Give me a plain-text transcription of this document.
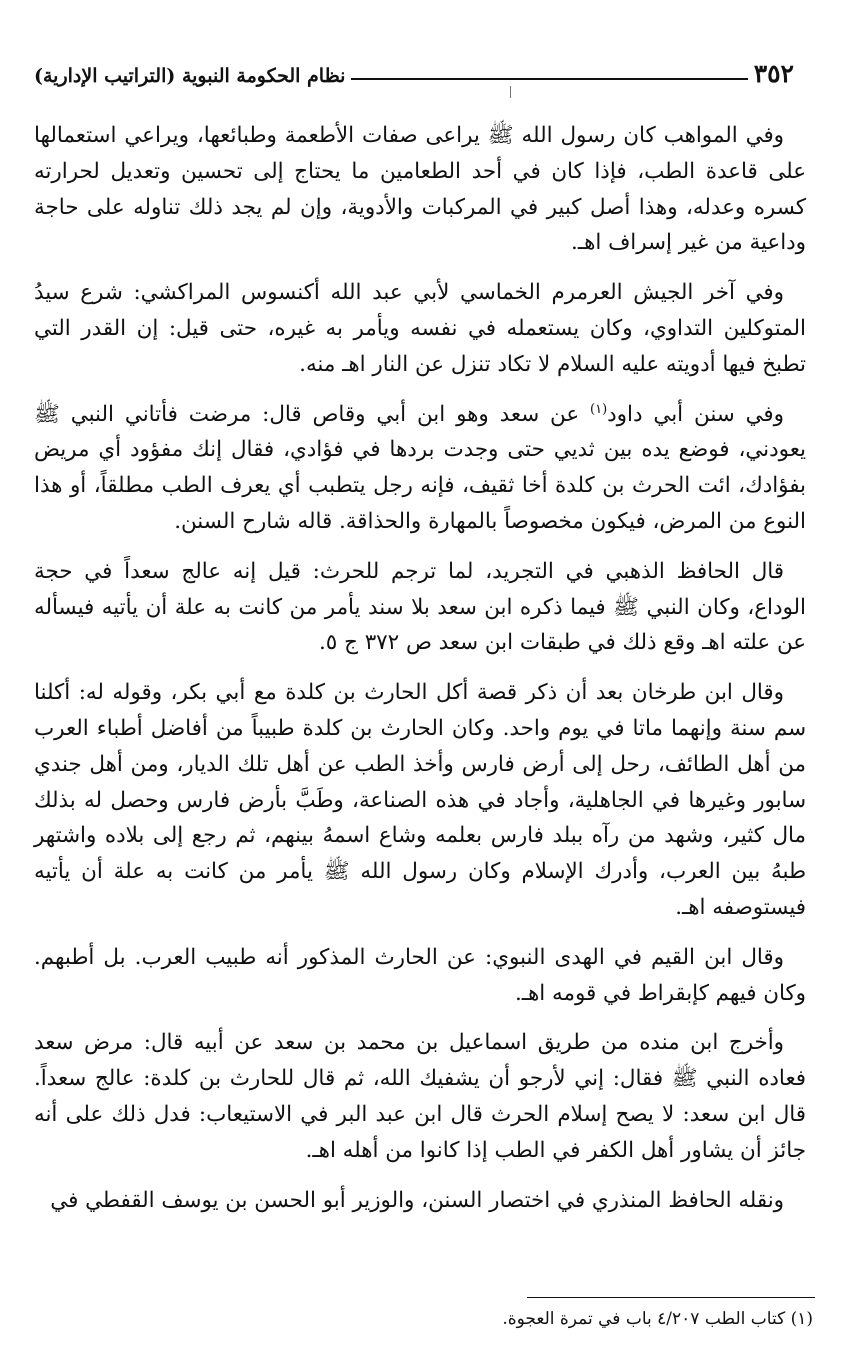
٣٥٢
نظام الحكومة النبوية (التراتيب الإدارية)

وفي المواهب كان رسول الله ﷺ يراعى صفات الأطعمة وطبائعها، ويراعي استعمالها على قاعدة الطب، فإذا كان في أحد الطعامين ما يحتاج إلى تحسين وتعديل لحرارته كسره وعدله، وهذا أصل كبير في المركبات والأدوية، وإن لم يجد ذلك تناوله على حاجة وداعية من غير إسراف اهـ.

وفي آخر الجيش العرمرم الخماسي لأبي عبد الله أكنسوس المراكشي: شرع سيدُ المتوكلين التداوي، وكان يستعمله في نفسه ويأمر به غيره، حتى قيل: إن القدر التي تطبخ فيها أدويته عليه السلام لا تكاد تنزل عن النار اهـ منه.

وفي سنن أبي داود$^{(١)}$ عن سعد وهو ابن أبي وقاص قال: مرضت فأتاني النبي ﷺ يعودني، فوضع يده بين ثديي حتى وجدت بردها في فؤادي، فقال إنك مفؤود أي مريض بفؤادك، ائت الحرث بن كلدة أخا ثقيف، فإنه رجل يتطبب أي يعرف الطب مطلقاً، أو هذا النوع من المرض، فيكون مخصوصاً بالمهارة والحذاقة. قاله شارح السنن.

قال الحافظ الذهبي في التجريد، لما ترجم للحرث: قيل إنه عالج سعداً في حجة الوداع، وكان النبي ﷺ فيما ذكره ابن سعد بلا سند يأمر من كانت به علة أن يأتيه فيسأله عن علته اهـ وقع ذلك في طبقات ابن سعد ص ٣٧٢ ج ٥.

وقال ابن طرخان بعد أن ذكر قصة أكل الحارث بن كلدة مع أبي بكر، وقوله له: أكلنا سم سنة وإنهما ماتا في يوم واحد. وكان الحارث بن كلدة طبيباً من أفاضل أطباء العرب من أهل الطائف، رحل إلى أرض فارس وأخذ الطب عن أهل تلك الديار، ومن أهل جندي سابور وغيرها في الجاهلية، وأجاد في هذه الصناعة، وطَبَّ بأرض فارس وحصل له بذلك مال كثير، وشهد من رآه ببلد فارس بعلمه وشاع اسمهُ بينهم، ثم رجع إلى بلاده واشتهر طبهُ بين العرب، وأدرك الإسلام وكان رسول الله ﷺ يأمر من كانت به علة أن يأتيه فيستوصفه اهـ.

وقال ابن القيم في الهدى النبوي: عن الحارث المذكور أنه طبيب العرب. بل أطبهم. وكان فيهم كإبقراط في قومه اهـ.

وأخرج ابن منده من طريق اسماعيل بن محمد بن سعد عن أبيه قال: مرض سعد فعاده النبي ﷺ فقال: إني لأرجو أن يشفيك الله، ثم قال للحارث بن كلدة: عالج سعداً. قال ابن سعد: لا يصح إسلام الحرث قال ابن عبد البر في الاستيعاب: فدل ذلك على أنه جائز أن يشاور أهل الكفر في الطب إذا كانوا من أهله اهـ.

ونقله الحافظ المنذري في اختصار السنن، والوزير أبو الحسن بن يوسف القفطي في

(١) كتاب الطب ٤/٢٠٧ باب في تمرة العجوة.
